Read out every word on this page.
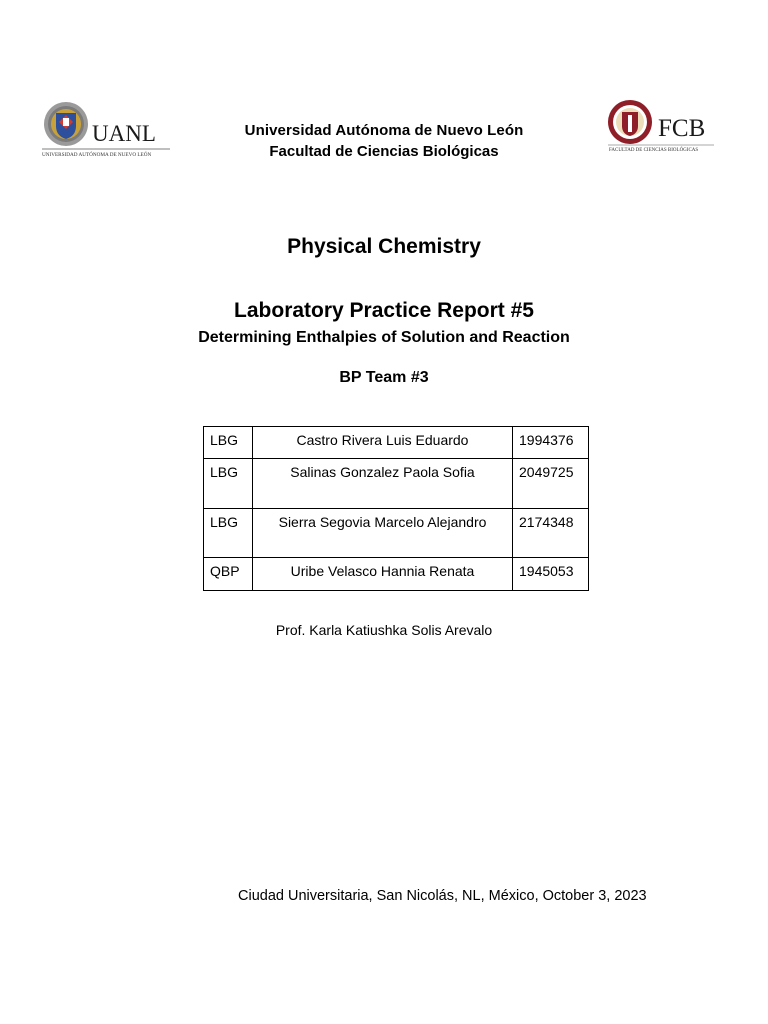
UANL
UNIVERSIDAD AUTÓNOMA DE NUEVO LEÓN
FCB
FACULTAD DE CIENCIAS BIOLÓGICAS
Universidad Autónoma de Nuevo León
Facultad de Ciencias Biológicas
Physical Chemistry
Laboratory Practice Report #5
Determining Enthalpies of Solution and Reaction
BP Team #3
LBG	Castro Rivera Luis Eduardo	1994376

LBG	Salinas Gonzalez Paola Sofia	2049725

LBG	Sierra Segovia Marcelo Alejandro	2174348

QBP	Uribe Velasco Hannia Renata	1945053
Prof. Karla Katiushka Solis Arevalo
Ciudad Universitaria, San Nicolás, NL, México, October 3, 2023
